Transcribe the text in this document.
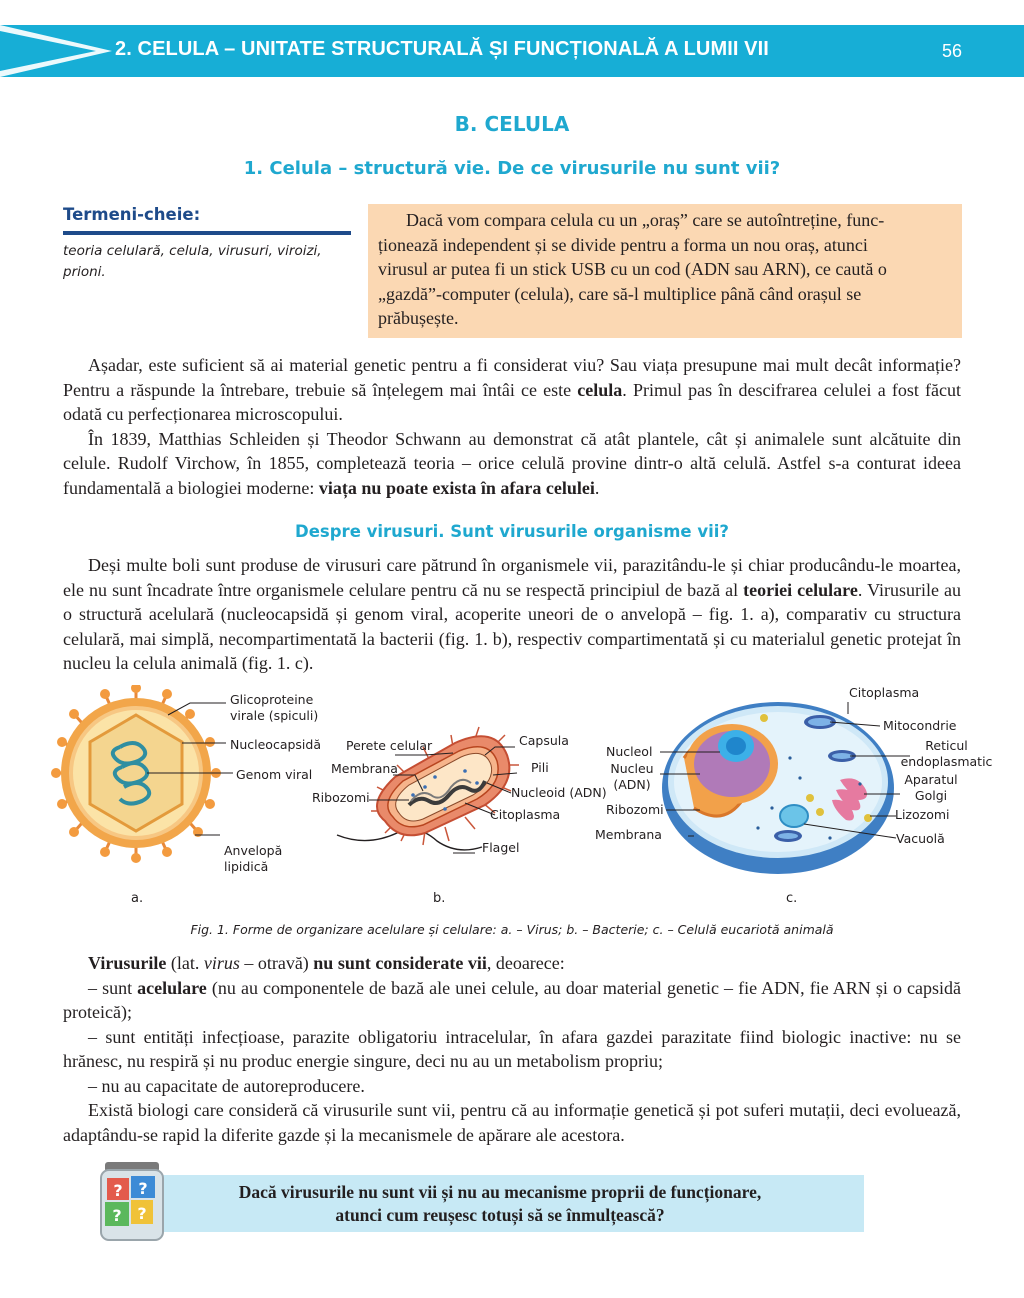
2. CELULA – UNITATE STRUCTURALĂ ȘI FUNCȚIONALĂ A LUMII VII	56
B. CELULA
1. Celula – structură vie. De ce virusurile nu sunt vii?
Termeni-cheie:
teoria celulară, celula, virusuri, viroizi, prioni.
Dacă vom compara celula cu un „oraș” care se autoîntreține, func-
ționează independent și se divide pentru a forma un nou oraș, atunci
virusul ar putea fi un stick USB cu un cod (ADN sau ARN), ce caută o
„gazdă”-computer (celula), care să-l multiplice până când orașul se
prăbușește.

Așadar, este suficient să ai material genetic pentru a fi considerat viu? Sau viața presupune mai mult decât informație? Pentru a răspunde la întrebare, trebuie să înțelegem mai întâi ce este celula. Primul pas în descifrarea celulei a fost făcut odată cu perfecționarea microscopului.

În 1839, Matthias Schleiden și Theodor Schwann au demonstrat că atât plantele, cât și animalele sunt alcătuite din celule. Rudolf Virchow, în 1855, completează teoria – orice celulă provine dintr-o altă celulă. Astfel s-a conturat ideea fundamentală a biologiei moderne: viața nu poate exista în afara celulei.

Despre virusuri. Sunt virusurile organisme vii?

Deși multe boli sunt produse de virusuri care pătrund în organismele vii, parazitându-le și chiar producându-le moartea, ele nu sunt încadrate între organismele celulare pentru că nu se respectă principiul de bază al teoriei celulare. Virusurile au o structură acelulară (nucleocapsidă și genom viral, acoperite uneori de o anvelopă – fig. 1. a), comparativ cu structura celulară, mai simplă, necompartimentată la bacterii (fig. 1. b), respectiv compartimentată și cu materialul genetic protejat în nucleu la celula animală (fig. 1. c).

Glicoproteine
virale (spiculi)
Nucleocapsidă
Genom viral
Anvelopă
lipidică
a.
Perete celular
Membrana
Ribozomi
Capsula
Pili
Nucleoid (ADN)
Citoplasma
Flagel
b.
Citoplasma
Mitocondrie
Reticul
endoplasmatic
Aparatul
Golgi
Lizozomi
Vacuolă
Nucleol
Nucleu
(ADN)
Ribozomi
Membrana
c.
Fig. 1. Forme de organizare acelulare și celulare: a. – Virus; b. – Bacterie; c. – Celulă eucariotă animală

Virusurile (lat. virus – otravă) nu sunt considerate vii, deoarece:

– sunt acelulare (nu au componentele de bază ale unei celule, au doar material genetic – fie ADN, fie ARN și o capsidă proteică);

– sunt entități infecțioase, parazite obligatoriu intracelular, în afara gazdei parazitate fiind biologic inactive: nu se hrănesc, nu respiră și nu produc energie singure, deci nu au un metabolism propriu;

– nu au capacitate de autoreproducere.

Există biologi care consideră că virusurile sunt vii, pentru că au informație genetică și pot suferi mutații, deci evoluează, adaptându-se rapid la diferite gazde și la mecanismele de apărare ale acestora.

? ?
? ?
Dacă virusurile nu sunt vii și nu au mecanisme proprii de funcționare,
atunci cum reușesc totuși să se înmulțească?
